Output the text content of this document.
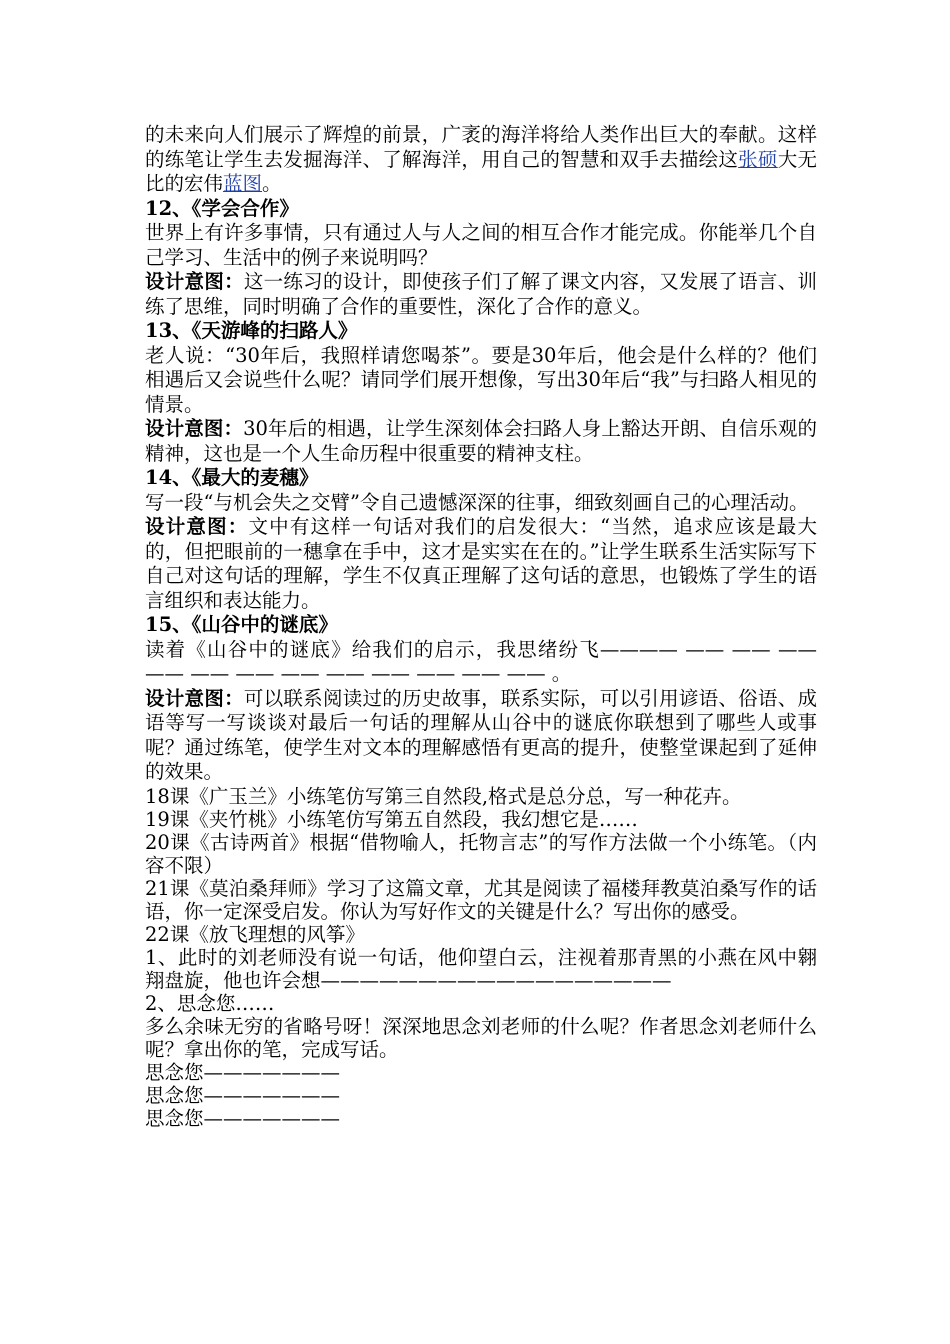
的未来向人们展示了辉煌的前景，广袤的海洋将给人类作出巨大的奉献。这样的练笔让学生去发掘海洋、了解海洋，用自己的智慧和双手去描绘这张硕大无比的宏伟蓝图。

12、《学会合作》

世界上有许多事情，只有通过人与人之间的相互合作才能完成。你能举几个自己学习、生活中的例子来说明吗？

设计意图：这一练习的设计，即使孩子们了解了课文内容，又发展了语言、训练了思维，同时明确了合作的重要性，深化了合作的意义。

13、《天游峰的扫路人》

老人说：“30年后，我照样请您喝茶”。要是30年后，他会是什么样的？他们相遇后又会说些什么呢？请同学们展开想像，写出30年后“我”与扫路人相见的情景。

设计意图：30年后的相遇，让学生深刻体会扫路人身上豁达开朗、自信乐观的精神，这也是一个人生命历程中很重要的精神支柱。

14、《最大的麦穗》

写一段“与机会失之交臂”令自己遗憾深深的往事，细致刻画自己的心理活动。

设计意图：文中有这样一句话对我们的启发很大：“当然，追求应该是最大的，但把眼前的一穗拿在手中，这才是实实在在的。”让学生联系生活实际写下自己对这句话的理解，学生不仅真正理解了这句话的意思，也锻炼了学生的语言组织和表达能力。

15、《山谷中的谜底》

读着《山谷中的谜底》给我们的启示，我思绪纷飞———— —— —— —— —— —— —— —— —— —— —— —— —— 。

设计意图：可以联系阅读过的历史故事，联系实际，可以引用谚语、俗语、成语等写一写谈谈对最后一句话的理解从山谷中的谜底你联想到了哪些人或事呢？通过练笔，使学生对文本的理解感悟有更高的提升，使整堂课起到了延伸的效果。

18课《广玉兰》小练笔仿写第三自然段,格式是总分总，写一种花卉。

19课《夹竹桃》小练笔仿写第五自然段，我幻想它是……

20课《古诗两首》根据“借物喻人，托物言志”的写作方法做一个小练笔。（内容不限）

21课《莫泊桑拜师》学习了这篇文章，尤其是阅读了福楼拜教莫泊桑写作的话语，你一定深受启发。你认为写好作文的关键是什么？写出你的感受。

22课《放飞理想的风筝》

1、此时的刘老师没有说一句话，他仰望白云，注视着那青黑的小燕在风中翱翔盘旋，他也许会想——————————————————

2、思念您……

多么余味无穷的省略号呀！深深地思念刘老师的什么呢？作者思念刘老师什么呢？拿出你的笔，完成写话。

思念您———————

思念您———————

思念您———————
